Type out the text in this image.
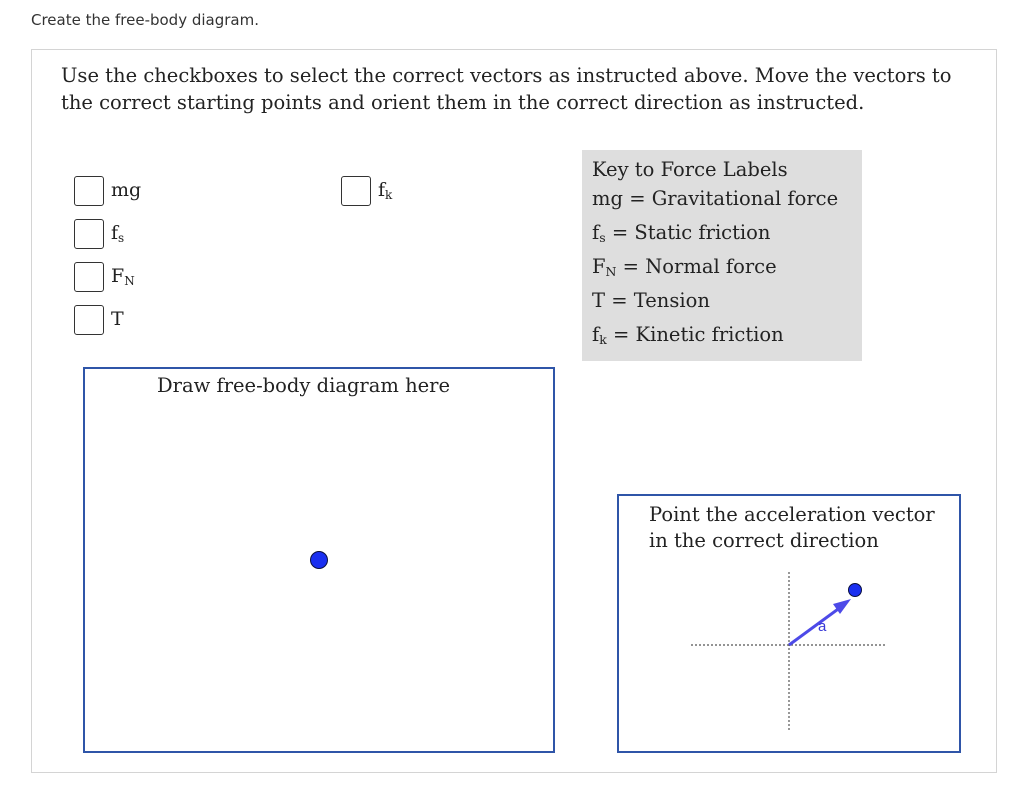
Create the free-body diagram.
Use the checkboxes to select the correct vectors as instructed above. Move the vectors to the correct starting points and orient them in the correct direction as instructed.
mg
$f_s$
$F_N$
T
$f_k$
Key to Force Labels
mg = Gravitational force
$f_s$ = Static friction
$F_N$ = Normal force
T = Tension
$f_k$ = Kinetic friction
Draw free-body diagram here
Point the acceleration vector in the correct direction
a
